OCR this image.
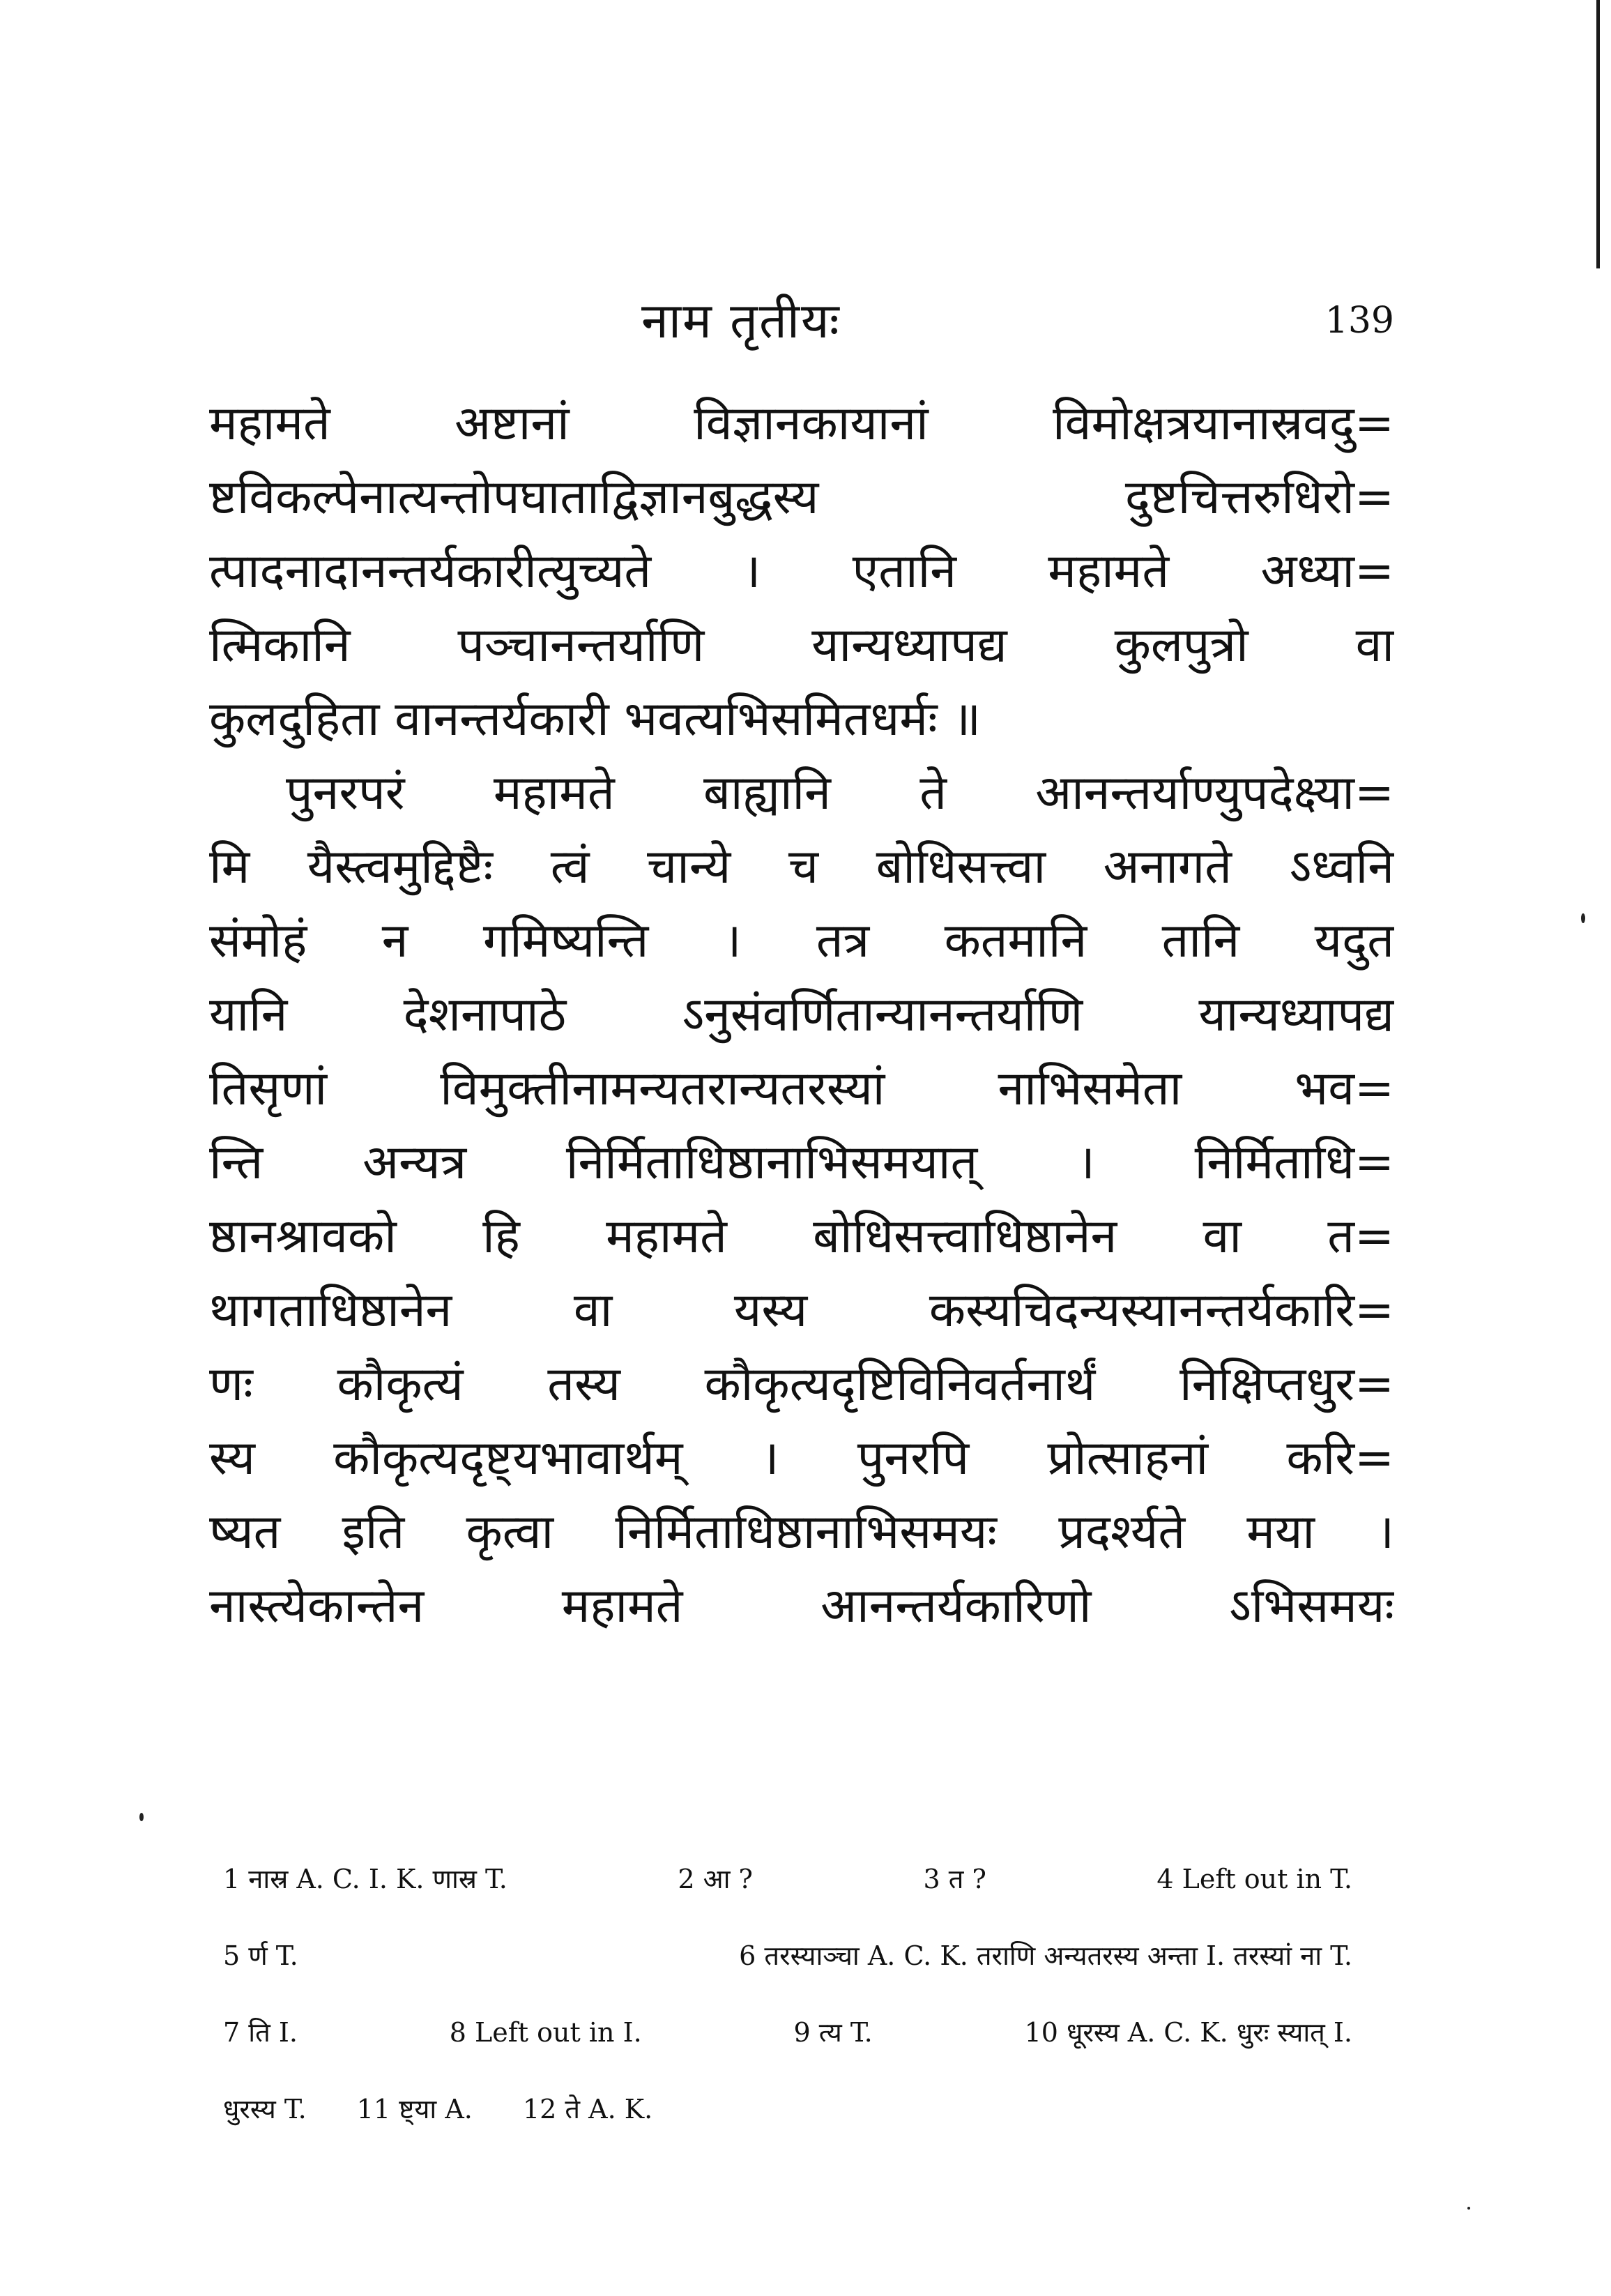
नाम तृतीयः	139
महामते अष्टानां विज्ञानकायानां विमोक्षत्रयानास्रवदु=
ष्टविकल्पेनात्यन्तोपघाताद्विज्ञानबुद्धस्य दुष्टचित्तरुधिरो=
त्पादनादानन्तर्यकारीत्युच्यते । एतानि महामते अध्या=
त्मिकानि पञ्चानन्तर्याणि यान्यध्यापद्य कुलपुत्रो वा
कुलदुहिता वानन्तर्यकारी भवत्यभिसमितधर्मः ॥
पुनरपरं महामते बाह्यानि ते आनन्तर्याण्युपदेक्ष्या=
मि यैस्त्वमुद्दिष्टैः त्वं चान्ये च बोधिसत्त्वा अनागते ऽध्वनि
संमोहं न गमिष्यन्ति । तत्र कतमानि तानि यदुत
यानि देशनापाठे ऽनुसंवर्णितान्यानन्तर्याणि यान्यध्यापद्य
तिसृणां विमुक्तीनामन्यतरान्यतरस्यां नाभिसमेता भव=
न्ति अन्यत्र निर्मिताधिष्ठानाभिसमयात् । निर्मिताधि=
ष्ठानश्रावको हि महामते बोधिसत्त्वाधिष्ठानेन वा त=
थागताधिष्ठानेन वा यस्य कस्यचिदन्यस्यानन्तर्यकारि=
णः कौकृत्यं तस्य कौकृत्यदृष्टिविनिवर्तनार्थं निक्षिप्तधुर=
स्य कौकृत्यदृष्ट्यभावार्थम् । पुनरपि प्रोत्साहनां करि=
ष्यत इति कृत्वा निर्मिताधिष्ठानाभिसमयः प्रदर्श्यते मया ।
नास्त्येकान्तेन महामते आनन्तर्यकारिणो ऽभिसमयः
1 नास्र A. C. I. K. णास्र T.	2 आ ?	3 त ?	4 Left out in T.
5 र्ण T.	6 तरस्याञ्चा A. C. K. तराणि अन्यतरस्य अन्ता I. तरस्यां ना T.
7 ति I.	8 Left out in I.	9 त्य T.	10 धूरस्य A. C. K. धुरः स्यात् I.
धुरस्य T. 11 ष्ट्या A. 12 ते A. K.
